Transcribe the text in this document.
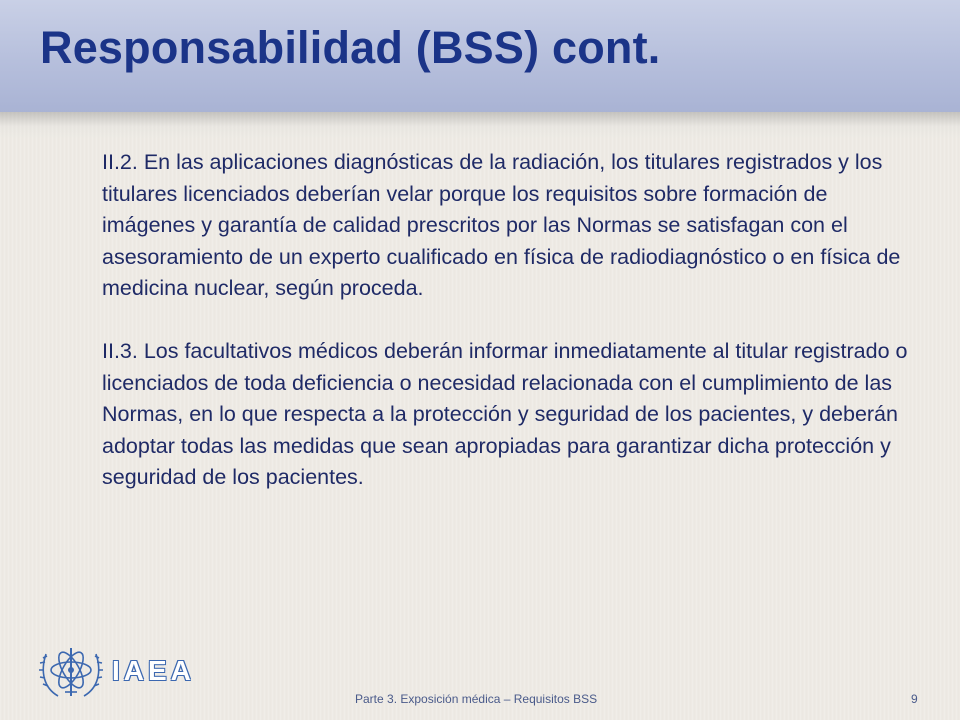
Responsabilidad (BSS) cont.

II.2. En las aplicaciones diagnósticas de la radiación, los titulares registrados y los titulares licenciados deberían velar porque los requisitos sobre formación de imágenes y garantía de calidad prescritos por las Normas se satisfagan con el asesoramiento de un experto cualificado en física de radiodiagnóstico o en física de medicina nuclear, según proceda.

II.3. Los facultativos médicos deberán informar inmediatamente al titular registrado o licenciados de toda deficiencia o necesidad relacionada con el cumplimiento de las Normas, en lo que respecta a la protección y seguridad de los pacientes, y deberán adoptar todas las medidas que sean apropiadas para garantizar dicha protección y seguridad de los pacientes.

IAEA
Parte 3. Exposición médica – Requisitos BSS	9
